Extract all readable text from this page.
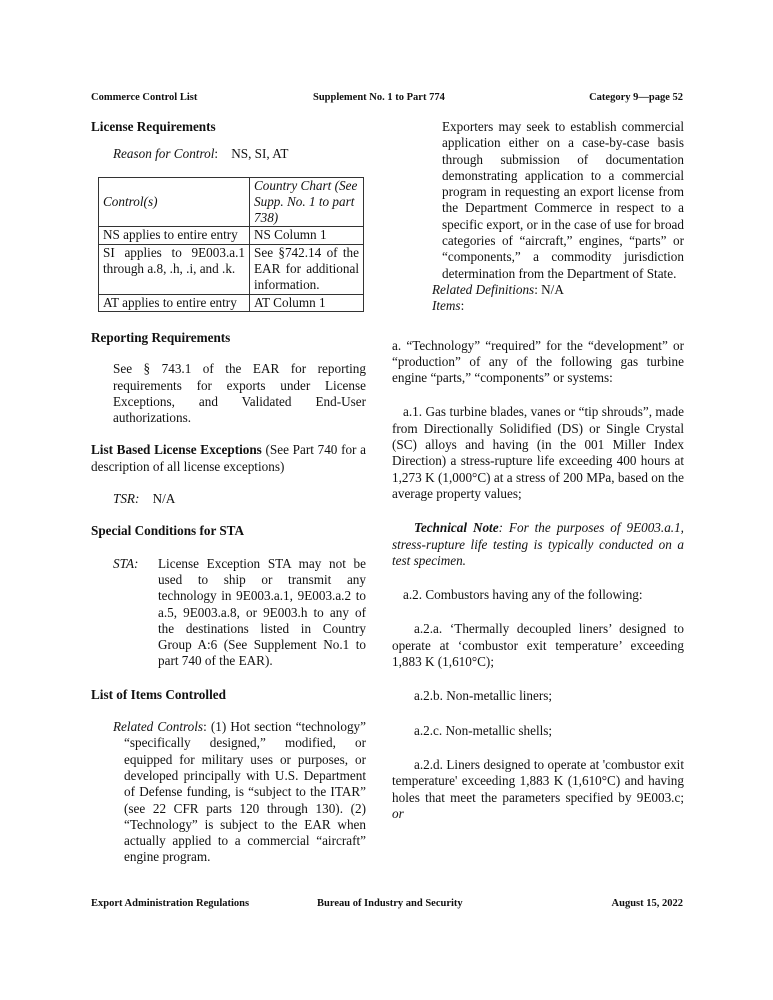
Commerce Control List	Supplement No. 1 to Part 774	Category 9—page 52

License Requirements

Reason for Control:    NS, SI, AT

Control(s)	Country Chart (See Supp. No. 1 to part 738)
NS applies to entire entry	NS Column 1
SI applies to 9E003.a.1 through a.8, .h, .i, and .k.	See §742.14 of the EAR for additional information.
AT applies to entire entry	AT Column 1

Reporting Requirements

See § 743.1 of the EAR for reporting requirements for exports under License Exceptions, and Validated End-User authorizations.

List Based License Exceptions (See Part 740 for a description of all license exceptions)

TSR: N/A

Special Conditions for STA

STA: License Exception STA may not be used to ship or transmit any technology in 9E003.a.1, 9E003.a.2 to a.5, 9E003.a.8, or 9E003.h to any of the destinations listed in Country Group A:6 (See Supplement No.1 to part 740 of the EAR).

List of Items Controlled

Related Controls: (1) Hot section “technology” “specifically designed,” modified, or equipped for military uses or purposes, or developed principally with U.S. Department of Defense funding, is “subject to the ITAR” (see 22 CFR parts 120 through 130). (2) “Technology” is subject to the EAR when actually applied to a commercial “aircraft” engine program.

Exporters may seek to establish commercial application either on a case-by-case basis through submission of documentation demonstrating application to a commercial program in requesting an export license from the Department Commerce in respect to a specific export, or in the case of use for broad categories of “aircraft,” engines, “parts” or “components,” a commodity jurisdiction determination from the Department of State.

Related Definitions: N/A

Items:

a. “Technology” “required” for the “development” or “production” of any of the following gas turbine engine “parts,” “components” or systems:

a.1. Gas turbine blades, vanes or “tip shrouds”, made from Directionally Solidified (DS) or Single Crystal (SC) alloys and having (in the 001 Miller Index Direction) a stress-rupture life exceeding 400 hours at 1,273 K (1,000°C) at a stress of 200 MPa, based on the average property values;

Technical Note: For the purposes of 9E003.a.1, stress-rupture life testing is typically conducted on a test specimen.

a.2. Combustors having any of the following:

a.2.a. ‘Thermally decoupled liners’ designed to operate at ‘combustor exit temperature’ exceeding 1,883 K (1,610°C);

a.2.b. Non-metallic liners;

a.2.c. Non-metallic shells;

a.2.d. Liners designed to operate at 'combustor exit temperature' exceeding 1,883 K (1,610°C) and having holes that meet the parameters specified by 9E003.c; or

Export Administration Regulations	Bureau of Industry and Security	August 15, 2022
